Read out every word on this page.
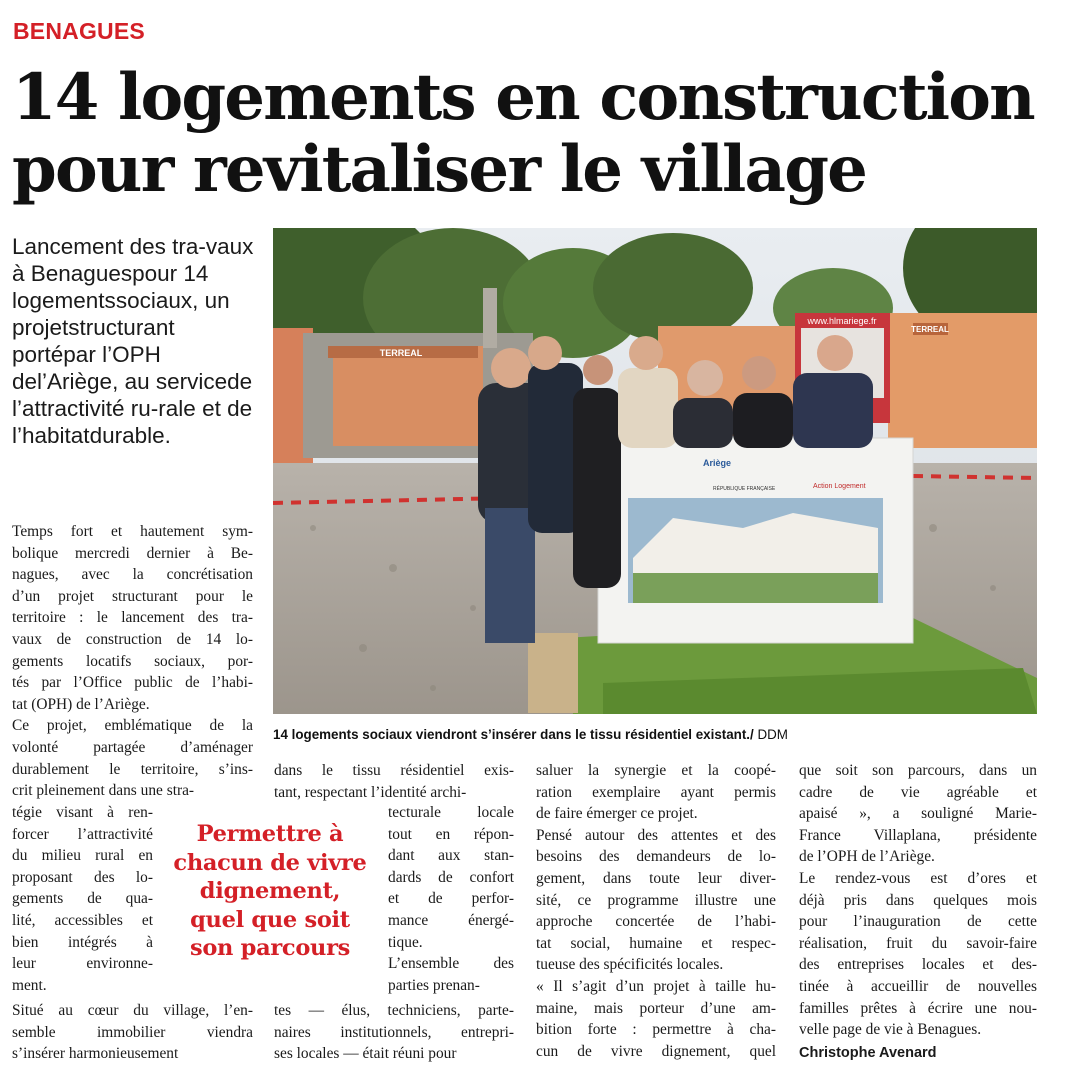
BENAGUES
14 logements en construction
pour revitaliser le village
Lancement des tra-vaux à Benaguespour 14 logementssociaux, un projetstructurant portépar l’OPH del’Ariège, au servicede l’attractivité ru-rale et de l’habitatdurable.
TERREAL
TERREAL
www.hlmariege.fr
Ariège
RÉPUBLIQUE FRANÇAISE	Action Logement
14 logements sociaux viendront s’insérer dans le tissu résidentiel existant./ DDM
Temps fort et hautement sym-
bolique mercredi dernier à Be-
nagues, avec la concrétisation
d’un projet structurant pour le
territoire : le lancement des tra-
vaux de construction de 14 lo-
gements locatifs sociaux, por-
tés par l’Office public de l’habi-
tat (OPH) de l’Ariège.
Ce projet, emblématique de la
volonté partagée d’aménager
durablement le territoire, s’ins-
crit pleinement dans une stra-
tégie visant à ren-
forcer l’attractivité
du milieu rural en
proposant des lo-
gements de qua-
lité, accessibles et
bien intégrés à
leur environne-
ment.
Situé au cœur du village, l’en-
semble immobilier viendra
s’insérer harmonieusement
dans le tissu résidentiel exis-
tant, respectant l’identité archi-
tecturale locale
tout en répon-
dant aux stan-
dards de confort
et de perfor-
mance énergé-
tique.
L’ensemble des
parties prenan-
tes — élus, techniciens, parte-
naires institutionnels, entrepri-
ses locales — était réuni pour
Permettre à
chacun de vivre
dignement,
quel que soit
son parcours
saluer la synergie et la coopé-
ration exemplaire ayant permis
de faire émerger ce projet.
Pensé autour des attentes et des
besoins des demandeurs de lo-
gement, dans toute leur diver-
sité, ce programme illustre une
approche concertée de l’habi-
tat social, humaine et respec-
tueuse des spécificités locales.
« Il s’agit d’un projet à taille hu-
maine, mais porteur d’une am-
bition forte : permettre à cha-
cun de vivre dignement, quel
que soit son parcours, dans un
cadre de vie agréable et
apaisé », a souligné Marie-
France Villaplana, présidente
de l’OPH de l’Ariège.
Le rendez-vous est d’ores et
déjà pris dans quelques mois
pour l’inauguration de cette
réalisation, fruit du savoir-faire
des entreprises locales et des-
tinée à accueillir de nouvelles
familles prêtes à écrire une nou-
velle page de vie à Benagues.
Christophe Avenard
